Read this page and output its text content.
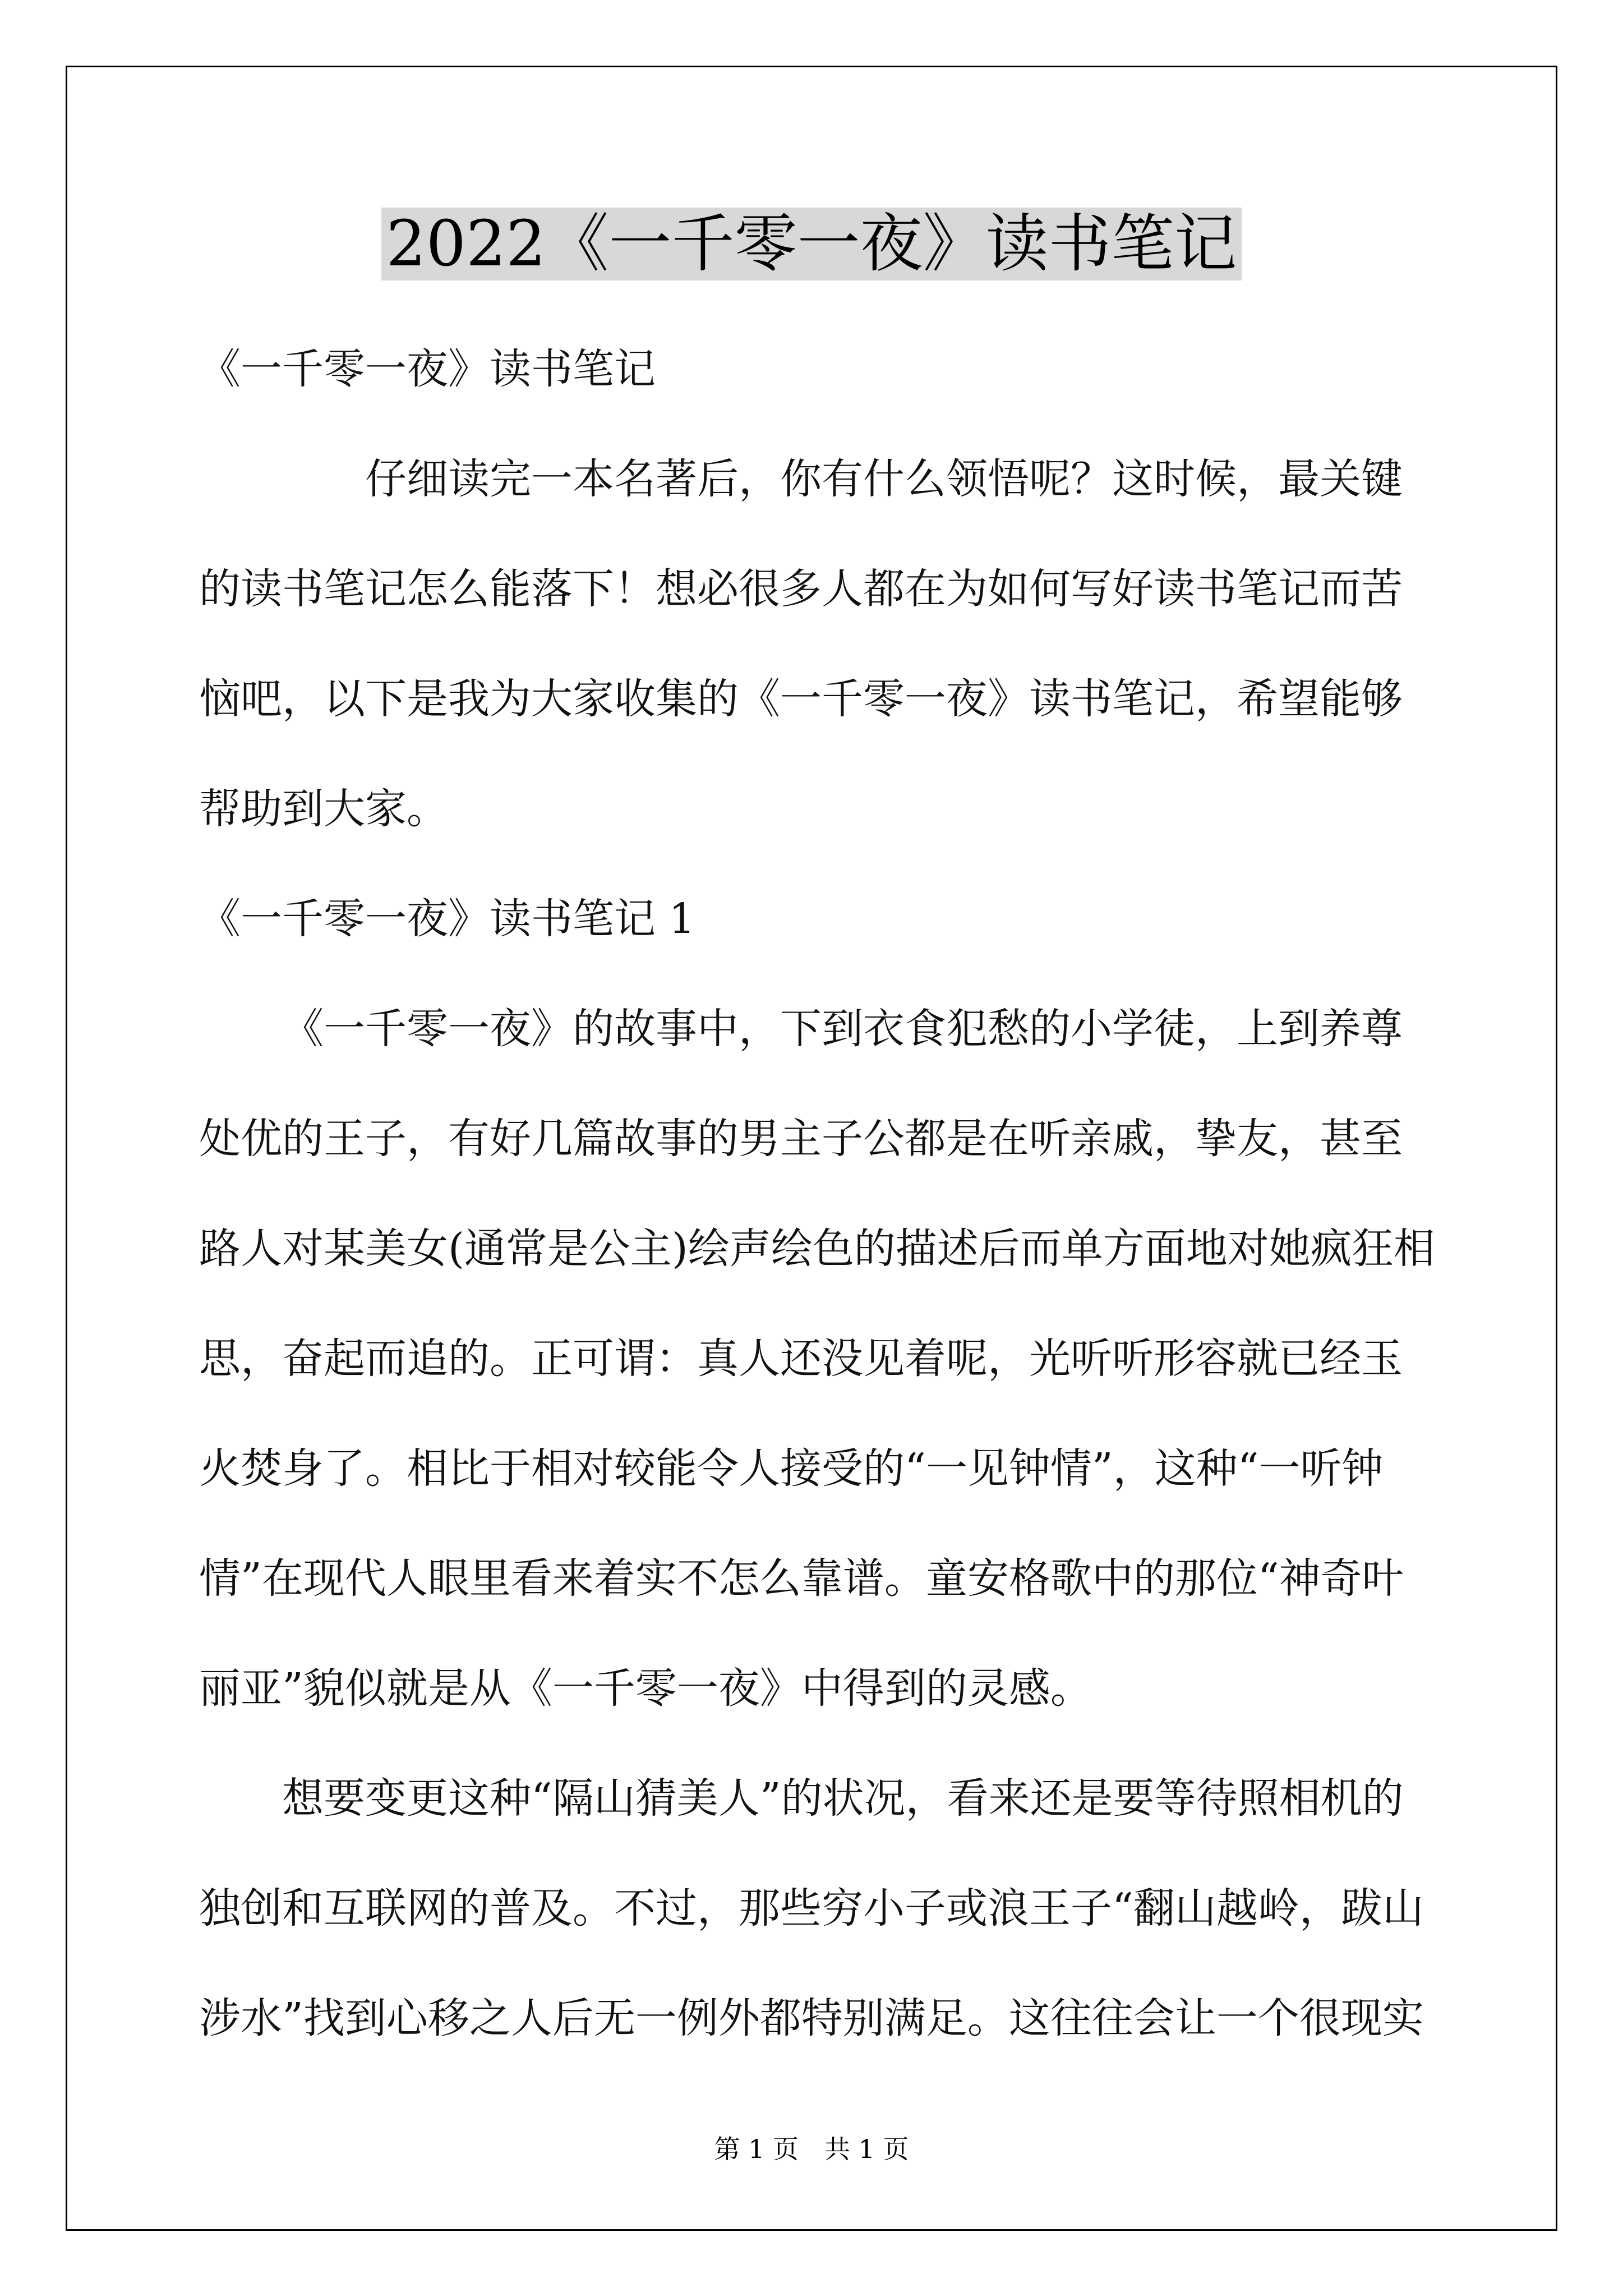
2022《一千零一夜》读书笔记

《一千零一夜》读书笔记

仔细读完一本名著后，你有什么领悟呢？这时候，最关键的读书笔记怎么能落下！想必很多人都在为如何写好读书笔记而苦恼吧，以下是我为大家收集的《一千零一夜》读书笔记，希望能够帮助到大家。

《一千零一夜》读书笔记 1

《一千零一夜》的故事中，下到衣食犯愁的小学徒，上到养尊处优的王子，有好几篇故事的男主子公都是在听亲戚，挚友，甚至路人对某美女(通常是公主)绘声绘色的描述后而单方面地对她疯狂相思，奋起而追的。正可谓：真人还没见着呢，光听听形容就已经玉火焚身了。相比于相对较能令人接受的“一见钟情”，这种“一听钟情”在现代人眼里看来着实不怎么靠谱。童安格歌中的那位“神奇叶丽亚”貌似就是从《一千零一夜》中得到的灵感。

想要变更这种“隔山猜美人”的状况，看来还是要等待照相机的独创和互联网的普及。不过，那些穷小子或浪王子“翻山越岭，跋山涉水”找到心移之人后无一例外都特别满足。这往往会让一个很现实

第 1 页　共 1 页
